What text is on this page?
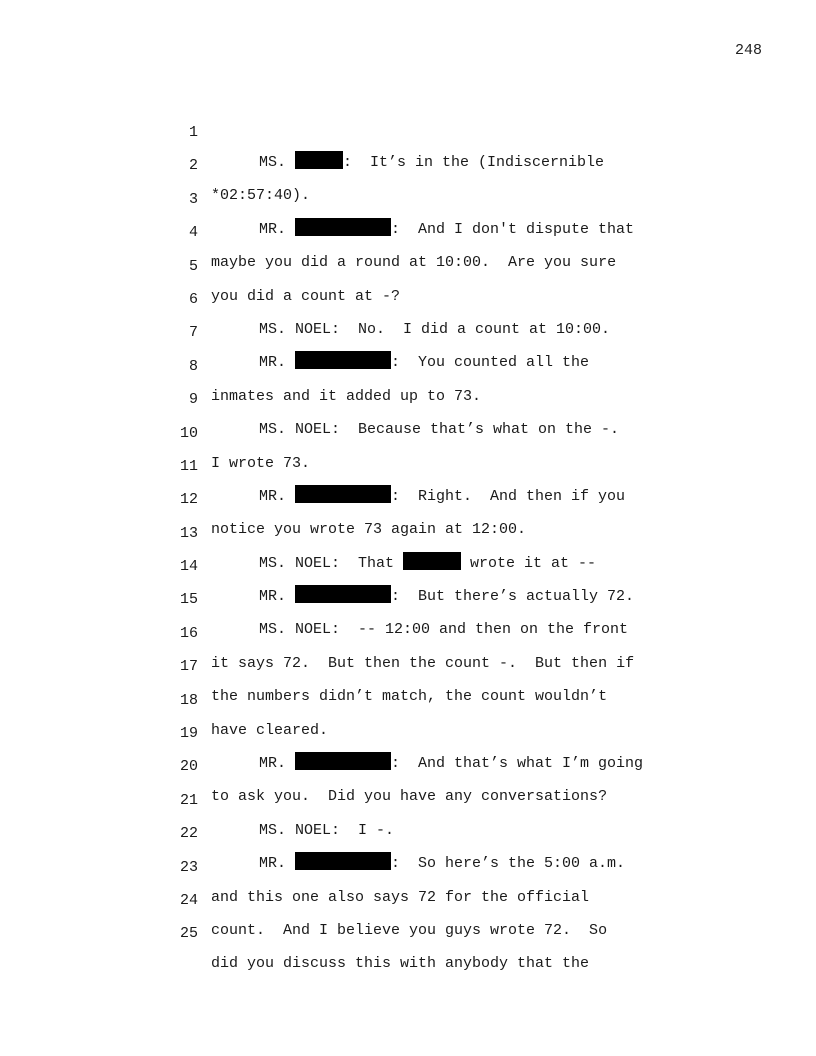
248

1

MS.	:  It’s in the (Indiscernible

2

*02:57:40).

3

MR.	:  And I don't dispute that

4

maybe you did a round at 10:00.  Are you sure

5

you did a count at -?

6

MS. NOEL:  No.  I did a count at 10:00.

7

MR.	:  You counted all the

8

inmates and it added up to 73.

9

MS. NOEL:  Because that’s what on the -.

10

I wrote 73.

11

MR.	:  Right.  And then if you

12

notice you wrote 73 again at 12:00.

13

MS. NOEL:  That	wrote it at --

14

MR.	:  But there’s actually 72.

15

MS. NOEL:  -- 12:00 and then on the front

16

it says 72.  But then the count -.  But then if

17

the numbers didn’t match, the count wouldn’t

18

have cleared.

19

MR.	:  And that’s what I’m going

20

to ask you.  Did you have any conversations?

21

MS. NOEL:  I -.

22

MR.	:  So here’s the 5:00 a.m.

23

and this one also says 72 for the official

24

count.  And I believe you guys wrote 72.  So

25

did you discuss this with anybody that the
